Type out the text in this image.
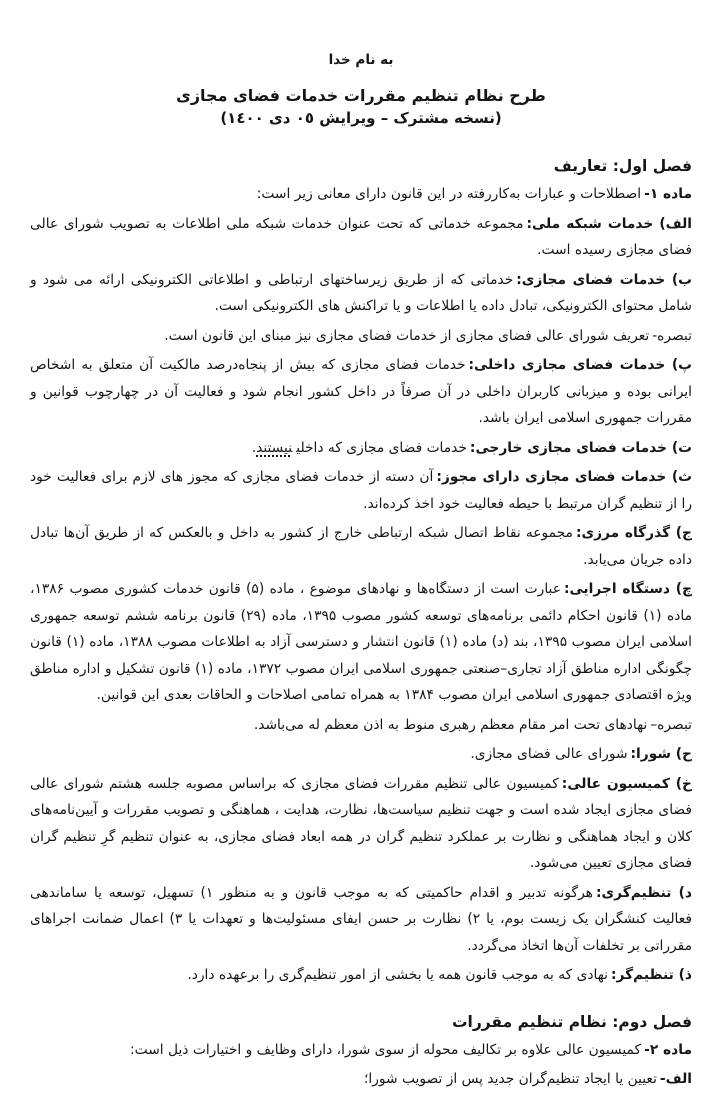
به نام خدا
طرح نظام تنظیم مقررات خدمات فضای مجازی
(نسخه مشترک – ویرایش ٠٥ دی ١٤٠٠)
فصل اول: تعاریف

ماده ۱-اصطلاحات و عبارات به‌کاررفته در این قانون دارای معانی زیر است:

الف) خدمات شبکه ملی:مجموعه خدماتی که تحت عنوان خدمات شبکه ملی اطلاعات به تصویب شورای عالی فضای مجازی رسیده است.

ب) خدمات فضای مجازی:خدماتی که از طریق زیرساختهای ارتباطی و اطلاعاتی الکترونیکی ارائه می شود و شامل محتوای الکترونیکی، تبادل داده یا اطلاعات و یا تراکنش های الکترونیکی است.

تبصره-تعریف شورای عالی فضای مجازی از خدمات فضای مجازی نیز مبنای این قانون است.

پ) خدمات فضای مجازی داخلی:خدمات فضای مجازی که بیش از پنجاه‌درصد مالکیت آن متعلق به اشخاص ایرانی بوده و میزبانی کاربران داخلی در آن صرفاً در داخل کشور انجام شود و فعالیت آن در چهارچوب قوانین و مقررات جمهوری اسلامی ایران باشد.

ت) خدمات فضای مجازی خارجی:خدمات فضای مجازی که داخلینیستند.

ث) خدمات فضای مجازی دارای مجوز:آن دسته از خدمات فضای مجازی که مجوز های لازم برای فعالیت خود را از تنظیم گران مرتبط با حیطه فعالیت خود اخذ کرده‌اند.

ج) گذرگاه مرزی:مجموعه نقاط اتصال شبکه ارتباطی خارج از کشور به داخل و بالعکس که از طریق آن‌ها تبادل داده جریان می‌یابد.

چ) دستگاه اجرایی:عبارت است از دستگاه‌ها و نهادهای موضوع ، ماده (۵) قانون خدمات کشوری مصوب ۱۳۸۶، ماده (۱) قانون احکام دائمی برنامه‌های توسعه کشور مصوب ۱۳۹۵، ماده (۲۹) قانون برنامه ششم توسعه جمهوری اسلامی ایران مصوب ۱۳۹۵، بند (د) ماده (۱) قانون انتشار و دسترسی آزاد به اطلاعات مصوب ۱۳۸۸، ماده (۱) قانون چگونگی اداره مناطق آزاد تجاری–صنعتی جمهوری اسلامی ایران مصوب ۱۳۷۲، ماده (۱) قانون تشکیل و اداره مناطق ویژه اقتصادی جمهوری اسلامی ایران مصوب ۱۳۸۴ به همراه تمامی اصلاحات و الحاقات بعدی این قوانین.

تبصره–نهادهای تحت امر مقام معظم رهبری منوط به اذن معظم له می‌باشد.

ح) شورا:شورای عالی فضای مجازی.

خ) کمیسیون عالی:کمیسیون عالی تنظیم مقررات فضای مجازی که براساس مصوبه جلسه هشتم شورای عالی فضای مجازی ایجاد شده است و جهت تنظیم سیاست‌ها، نظارت، هدایت ، هماهنگی و تصویب مقررات و آیین‌نامه‌های کلان و ایجاد هماهنگی و نظارت بر عملکرد تنظیم گران در همه ابعاد فضای مجازی، به عنوان تنظیم گرِ تنظیم گران فضای مجازی تعیین می‌شود.

د) تنظیم‌گری:هرگونه تدبیر و اقدام حاکمیتی که به موجب قانون و به منظور ۱) تسهیل، توسعه یا ساماندهی فعالیت کنشگران یک زیست بوم، یا ۲) نظارت بر حسن ایفای مسئولیت‌ها و تعهدات یا ۳) اعمال ضمانت اجراهای مقرراتی بر تخلفات آن‌ها اتخاذ می‌گردد.

ذ) تنظیم‌گر:نهادی که به موجب قانون همه یا بخشی از امور تنظیم‌گری را برعهده دارد.

فصل دوم: نظام تنظیم مقررات

ماده ۲-کمیسیون عالی علاوه بر تکالیف محوله از سوی شورا، دارای وظایف و اختیارات ذیل است:

الف-تعیین یا ایجاد تنظیم‌گران جدید پس از تصویب شورا؛
